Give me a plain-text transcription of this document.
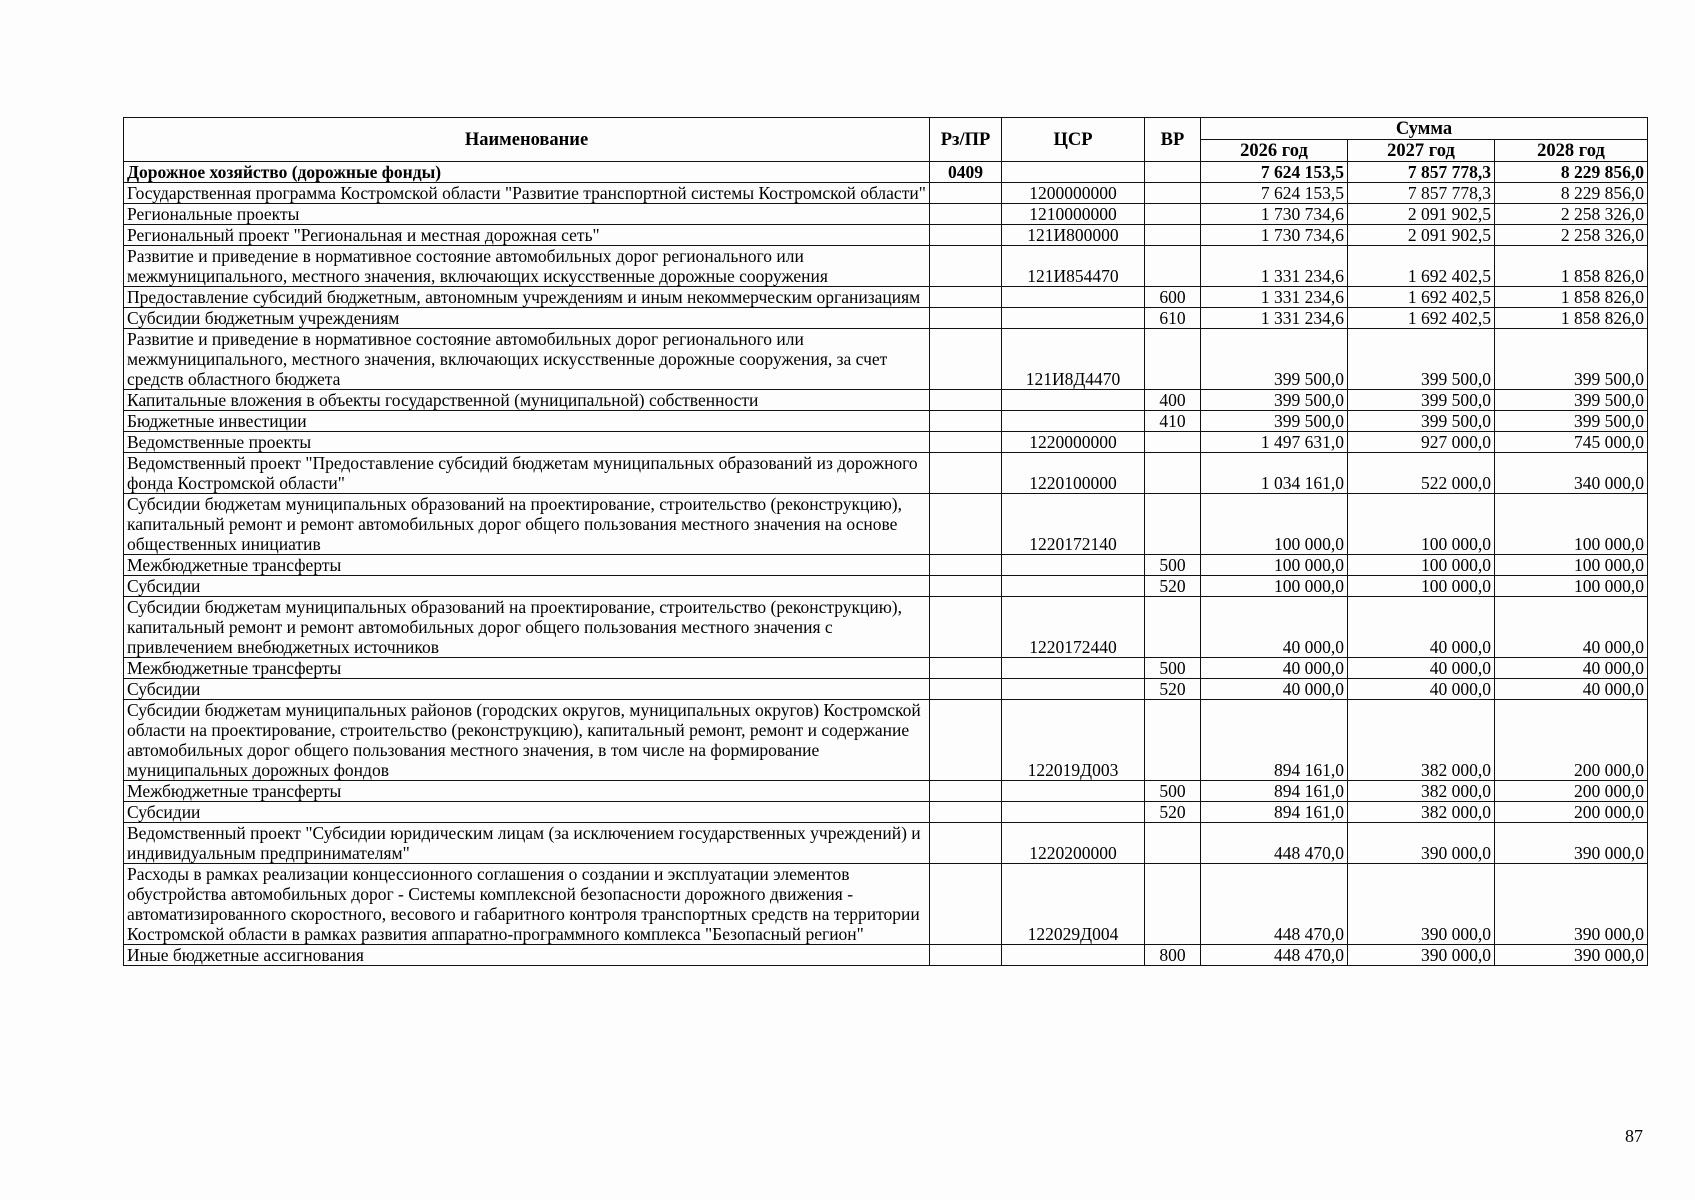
Наименование	Рз/ПР	ЦСР	ВР	Сумма		
				2026 год	2027 год	2028 год
Дорожное хозяйство (дорожные фонды)	0409			7 624 153,5	7 857 778,3	8 229 856,0
Государственная программа Костромской области "Развитие транспортной системы Костромской области"		1200000000		7 624 153,5	7 857 778,3	8 229 856,0
Региональные проекты		1210000000		1 730 734,6	2 091 902,5	2 258 326,0
Региональный проект "Региональная и местная дорожная сеть"		121И800000		1 730 734,6	2 091 902,5	2 258 326,0
Развитие и приведение в нормативное состояние автомобильных дорог регионального или межмуниципального, местного значения, включающих искусственные дорожные сооружения		121И854470		1 331 234,6	1 692 402,5	1 858 826,0
Предоставление субсидий бюджетным, автономным учреждениям и иным некоммерческим организациям			600	1 331 234,6	1 692 402,5	1 858 826,0
Субсидии бюджетным учреждениям			610	1 331 234,6	1 692 402,5	1 858 826,0
Развитие и приведение в нормативное состояние автомобильных дорог регионального или межмуниципального, местного значения, включающих искусственные дорожные сооружения, за счет средств областного бюджета		121И8Д4470		399 500,0	399 500,0	399 500,0
Капитальные вложения в объекты государственной (муниципальной) собственности			400	399 500,0	399 500,0	399 500,0
Бюджетные инвестиции			410	399 500,0	399 500,0	399 500,0
Ведомственные проекты		1220000000		1 497 631,0	927 000,0	745 000,0
Ведомственный проект "Предоставление субсидий бюджетам муниципальных образований из дорожного фонда Костромской области"		1220100000		1 034 161,0	522 000,0	340 000,0
Субсидии бюджетам муниципальных образований на проектирование, строительство (реконструкцию), капитальный ремонт и ремонт автомобильных дорог общего пользования местного значения на основе общественных инициатив		1220172140		100 000,0	100 000,0	100 000,0
Межбюджетные трансферты			500	100 000,0	100 000,0	100 000,0
Субсидии			520	100 000,0	100 000,0	100 000,0
Субсидии бюджетам муниципальных образований на проектирование, строительство (реконструкцию), капитальный ремонт и ремонт автомобильных дорог общего пользования местного значения с привлечением внебюджетных источников		1220172440		40 000,0	40 000,0	40 000,0
Межбюджетные трансферты			500	40 000,0	40 000,0	40 000,0
Субсидии			520	40 000,0	40 000,0	40 000,0
Субсидии бюджетам муниципальных районов (городских округов, муниципальных округов) Костромской области на проектирование, строительство (реконструкцию), капитальный ремонт, ремонт и содержание автомобильных дорог общего пользования местного значения, в том числе на формирование муниципальных дорожных фондов		122019Д003		894 161,0	382 000,0	200 000,0
Межбюджетные трансферты			500	894 161,0	382 000,0	200 000,0
Субсидии			520	894 161,0	382 000,0	200 000,0
Ведомственный проект "Субсидии юридическим лицам (за исключением государственных учреждений) и индивидуальным предпринимателям"		1220200000		448 470,0	390 000,0	390 000,0
Расходы в рамках реализации концессионного соглашения о создании и эксплуатации элементов обустройства автомобильных дорог - Системы комплексной безопасности дорожного движения - автоматизированного скоростного, весового и габаритного контроля транспортных средств на территории Костромской области в рамках развития аппаратно-программного комплекса "Безопасный регион"		122029Д004		448 470,0	390 000,0	390 000,0
Иные бюджетные ассигнования			800	448 470,0	390 000,0	390 000,0
87
